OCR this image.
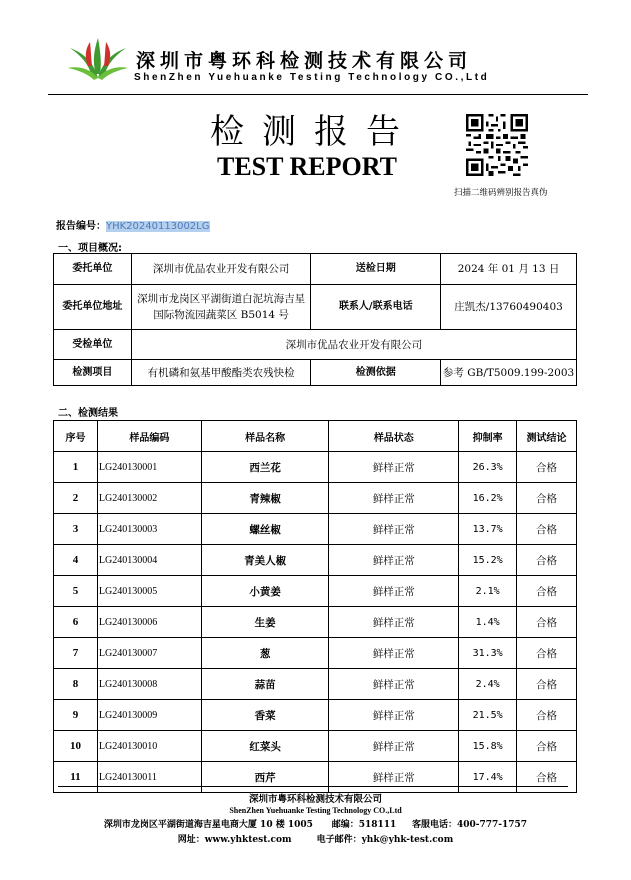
深圳市粤环科检测技术有限公司
ShenZhen Yuehuanke Testing Technology CO.,Ltd
检测报告
TEST REPORT
扫描二维码辨别报告真伪
报告编号：YHK20240113002LG
一、项目概况:
委托单位	深圳市优品农业开发有限公司	送检日期	2024 年 01 月 13 日
委托单位地址	深圳市龙岗区平湖街道白泥坑海吉星国际物流园蔬菜区 B5014 号	联系人/联系电话	庄凯杰/13760490403
受检单位	深圳市优品农业开发有限公司		
检测项目	有机磷和氨基甲酸酯类农残快检	检测依据	参考 GB/T5009.199-2003
二、检测结果
序号	样品编码	样品名称	样品状态	抑制率	测试结论
1	LG240130001	西兰花	鲜样正常	26.3%	合格
2	LG240130002	青辣椒	鲜样正常	16.2%	合格
3	LG240130003	螺丝椒	鲜样正常	13.7%	合格
4	LG240130004	青美人椒	鲜样正常	15.2%	合格
5	LG240130005	小黄姜	鲜样正常	2.1%	合格
6	LG240130006	生姜	鲜样正常	1.4%	合格
7	LG240130007	葱	鲜样正常	31.3%	合格
8	LG240130008	蒜苗	鲜样正常	2.4%	合格
9	LG240130009	香菜	鲜样正常	21.5%	合格
10	LG240130010	红菜头	鲜样正常	15.8%	合格
11	LG240130011	西芹	鲜样正常	17.4%	合格
深圳市粤环科检测技术有限公司
ShenZhen Yuehuanke Testing Technology CO.,Ltd
深圳市龙岗区平湖街道海吉星电商大厦 10 楼 1005 邮编：518111 客服电话：400-777-1757
网址：www.yhktest.com	电子邮件：yhk@yhk-test.com
